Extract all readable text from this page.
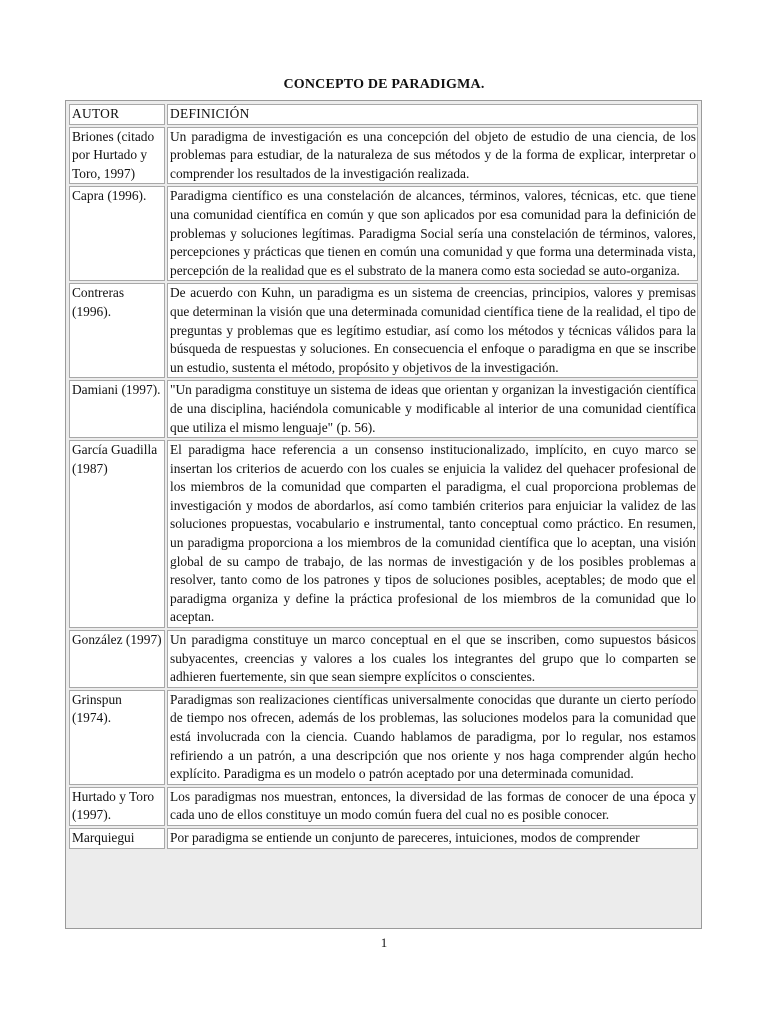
CONCEPTO DE PARADIGMA.
AUTOR	DEFINICIÓN
Briones (citado por Hurtado y Toro, 1997)	Un paradigma de investigación es una concepción del objeto de estudio de una ciencia, de los problemas para estudiar, de la naturaleza de sus métodos y de la forma de explicar, interpretar o comprender los resultados de la investigación realizada.
Capra (1996).	Paradigma científico es una constelación de alcances, términos, valores, técnicas, etc. que tiene una comunidad científica en común y que son aplicados por esa comunidad para la definición de problemas y soluciones legítimas. Paradigma Social sería una constelación de términos, valores, percepciones y prácticas que tienen en común una comunidad y que forma una determinada vista, percepción de la realidad que es el substrato de la manera como esta sociedad se auto-organiza.
Contreras (1996).	De acuerdo con Kuhn, un paradigma es un sistema de creencias, principios, valores y premisas que determinan la visión que una determinada comunidad científica tiene de la realidad, el tipo de preguntas y problemas que es legítimo estudiar, así como los métodos y técnicas válidos para la búsqueda de respuestas y soluciones. En consecuencia el enfoque o paradigma en que se inscribe un estudio, sustenta el método, propósito y objetivos de la investigación.
Damiani (1997).	"Un paradigma constituye un sistema de ideas que orientan y organizan la investigación científica de una disciplina, haciéndola comunicable y modificable al interior de una comunidad científica que utiliza el mismo lenguaje" (p. 56).
García Guadilla (1987)	El paradigma hace referencia a un consenso institucionalizado, implícito, en cuyo marco se insertan los criterios de acuerdo con los cuales se enjuicia la validez del quehacer profesional de los miembros de la comunidad que comparten el paradigma, el cual proporciona problemas de investigación y modos de abordarlos, así como también criterios para enjuiciar la validez de las soluciones propuestas, vocabulario e instrumental, tanto conceptual como práctico. En resumen, un paradigma proporciona a los miembros de la comunidad científica que lo aceptan, una visión global de su campo de trabajo, de las normas de investigación y de los posibles problemas a resolver, tanto como de los patrones y tipos de soluciones posibles, aceptables; de modo que el paradigma organiza y define la práctica profesional de los miembros de la comunidad que lo aceptan.
González (1997)	Un paradigma constituye un marco conceptual en el que se inscriben, como supuestos básicos subyacentes, creencias y valores a los cuales los integrantes del grupo que lo comparten se adhieren fuertemente, sin que sean siempre explícitos o conscientes.
Grinspun (1974).	Paradigmas son realizaciones científicas universalmente conocidas que durante un cierto período de tiempo nos ofrecen, además de los problemas, las soluciones modelos para la comunidad que está involucrada con la ciencia. Cuando hablamos de paradigma, por lo regular, nos estamos refiriendo a un patrón, a una descripción que nos oriente y nos haga comprender algún hecho explícito. Paradigma es un modelo o patrón aceptado por una determinada comunidad.
Hurtado y Toro (1997).	Los paradigmas nos muestran, entonces, la diversidad de las formas de conocer de una época y cada uno de ellos constituye un modo común fuera del cual no es posible conocer.
Marquiegui	Por paradigma se entiende un conjunto de pareceres, intuiciones, modos de comprender
1
